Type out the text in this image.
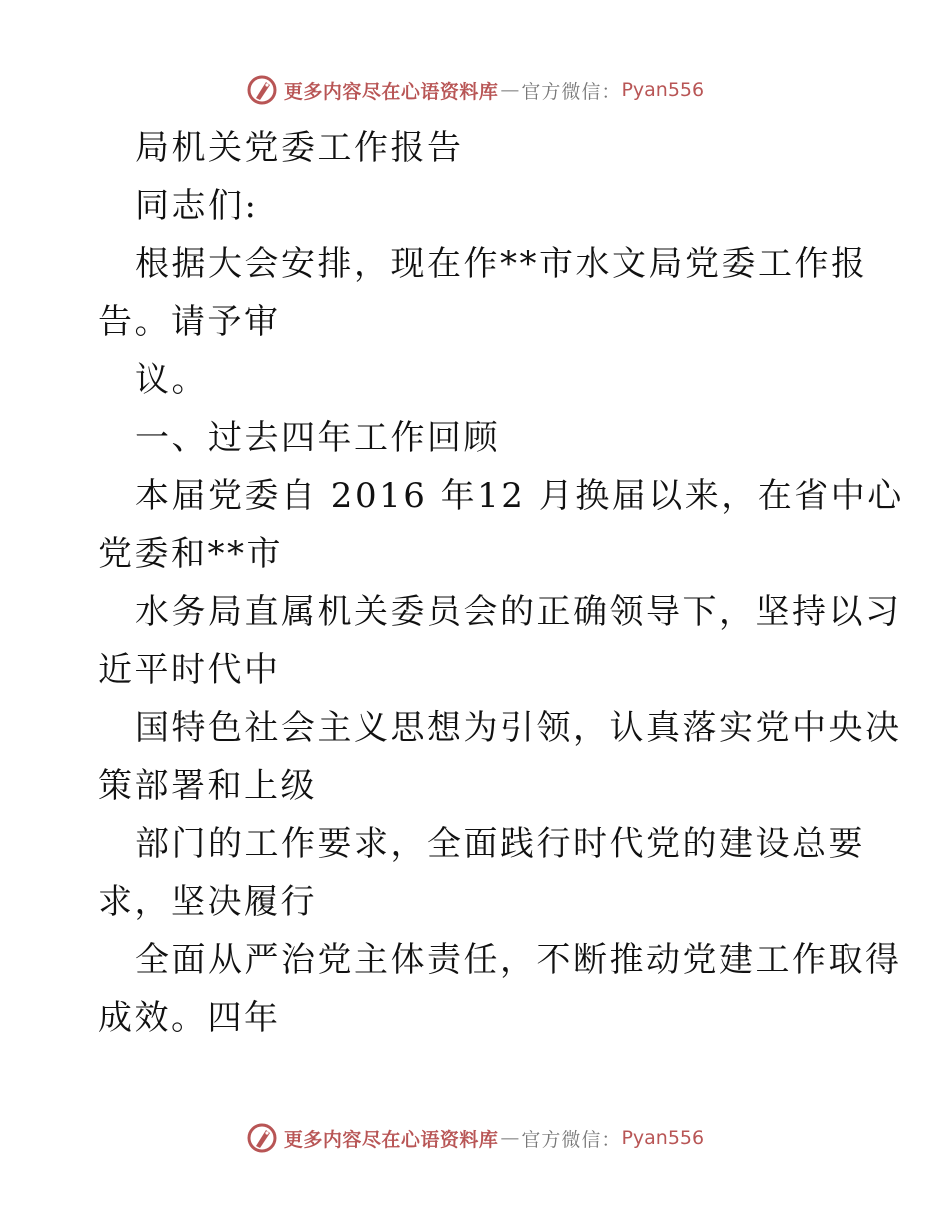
更多内容尽在心语资料库 — 官方微信： Pyan556
局机关党委工作报告
同志们:
根据大会安排，现在作**市水文局党委工作报
告。请予审
议。
一、过去四年工作回顾
本届党委自 2016 年12 月换届以来，在省中心
党委和**市
水务局直属机关委员会的正确领导下，坚持以习
近平时代中
国特色社会主义思想为引领，认真落实党中央决
策部署和上级
部门的工作要求，全面践行时代党的建设总要
求，坚决履行
全面从严治党主体责任，不断推动党建工作取得
成效。四年
更多内容尽在心语资料库 — 官方微信： Pyan556
